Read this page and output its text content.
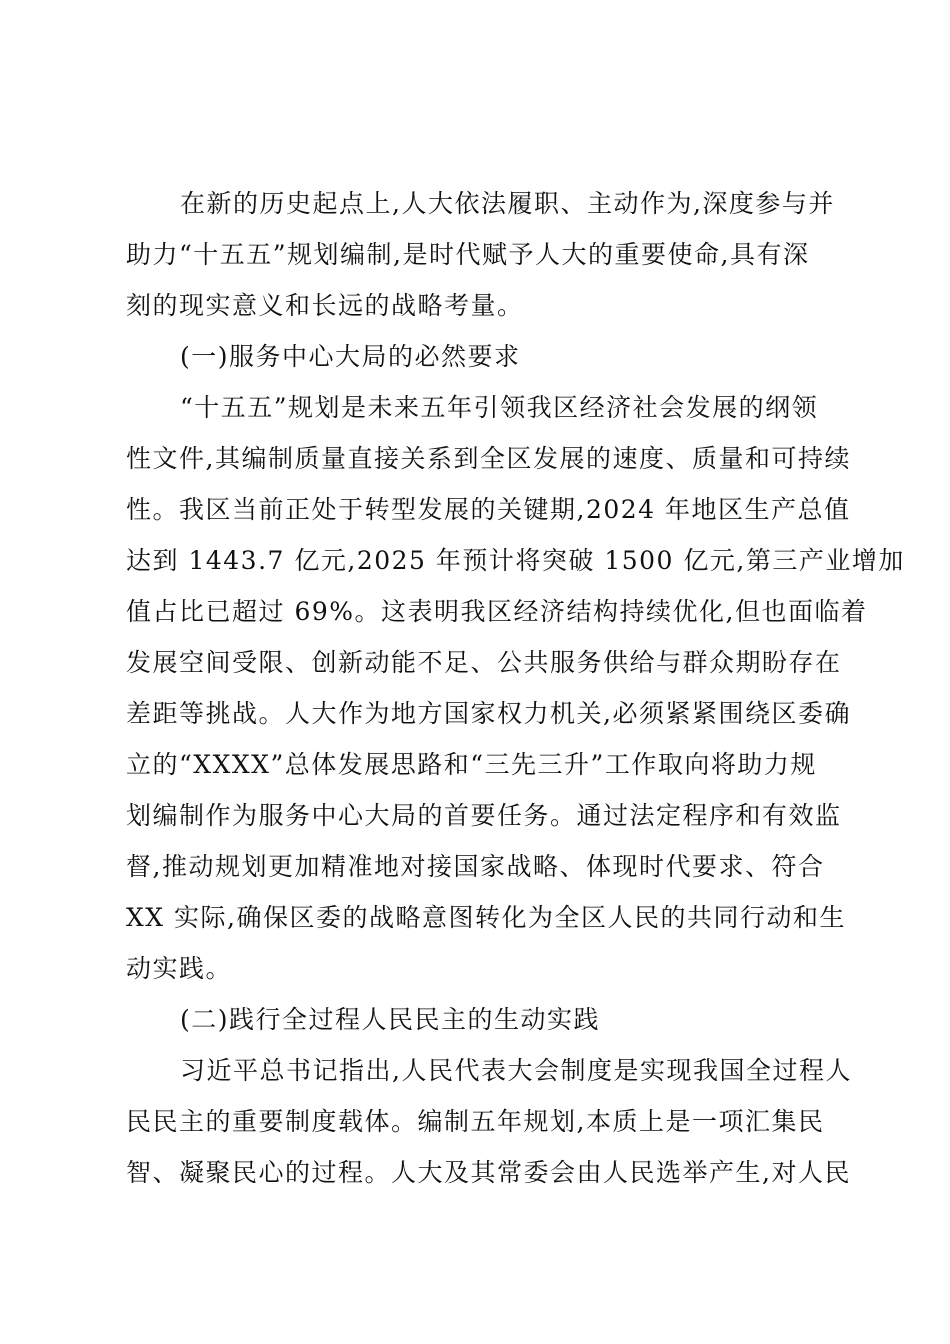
在新的历史起点上,人大依法履职、主动作为,深度参与并

助力“十五五”规划编制,是时代赋予人大的重要使命,具有深

刻的现实意义和长远的战略考量。

(一)服务中心大局的必然要求

“十五五”规划是未来五年引领我区经济社会发展的纲领

性文件,其编制质量直接关系到全区发展的速度、质量和可持续

性。我区当前正处于转型发展的关键期,2024 年地区生产总值

达到 1443.7 亿元,2025 年预计将突破 1500 亿元,第三产业增加

值占比已超过 69%。这表明我区经济结构持续优化,但也面临着

发展空间受限、创新动能不足、公共服务供给与群众期盼存在

差距等挑战。人大作为地方国家权力机关,必须紧紧围绕区委确

立的“XXXX”总体发展思路和“三先三升”工作取向将助力规

划编制作为服务中心大局的首要任务。通过法定程序和有效监

督,推动规划更加精准地对接国家战略、体现时代要求、符合

XX 实际,确保区委的战略意图转化为全区人民的共同行动和生

动实践。

(二)践行全过程人民民主的生动实践

习近平总书记指出,人民代表大会制度是实现我国全过程人

民民主的重要制度载体。编制五年规划,本质上是一项汇集民

智、凝聚民心的过程。人大及其常委会由人民选举产生,对人民
